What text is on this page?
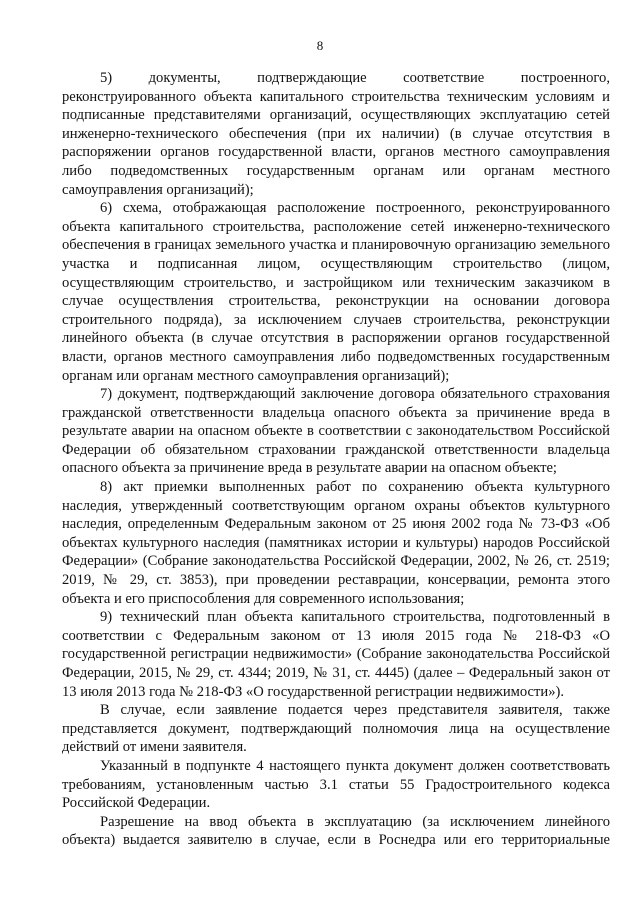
8

5) документы, подтверждающие соответствие построенного, реконструированного объекта капитального строительства техническим условиям и подписанные представителями организаций, осуществляющих эксплуатацию сетей инженерно-технического обеспечения (при их наличии) (в случае отсутствия в распоряжении органов государственной власти, органов местного самоуправления либо подведомственных государственным органам или органам местного самоуправления организаций);

6) схема, отображающая расположение построенного, реконструированного объекта капитального строительства, расположение сетей инженерно-технического обеспечения в границах земельного участка и планировочную организацию земельного участка и подписанная лицом, осуществляющим строительство (лицом, осуществляющим строительство, и застройщиком или техническим заказчиком в случае осуществления строительства, реконструкции на основании договора строительного подряда), за исключением случаев строительства, реконструкции линейного объекта (в случае отсутствия в распоряжении органов государственной власти, органов местного самоуправления либо подведомственных государственным органам или органам местного самоуправления организаций);

7) документ, подтверждающий заключение договора обязательного страхования гражданской ответственности владельца опасного объекта за причинение вреда в результате аварии на опасном объекте в соответствии с законодательством Российской Федерации об обязательном страховании гражданской ответственности владельца опасного объекта за причинение вреда в результате аварии на опасном объекте;

8) акт приемки выполненных работ по сохранению объекта культурного наследия, утвержденный соответствующим органом охраны объектов культурного наследия, определенным Федеральным законом от 25 июня 2002 года № 73-ФЗ «Об объектах культурного наследия (памятниках истории и культуры) народов Российской Федерации» (Собрание законодательства Российской Федерации, 2002, № 26, ст. 2519; 2019, № 29, ст. 3853), при проведении реставрации, консервации, ремонта этого объекта и его приспособления для современного использования;

9) технический план объекта капитального строительства, подготовленный в соответствии с Федеральным законом от 13 июля 2015 года № 218-ФЗ «О государственной регистрации недвижимости» (Собрание законодательства Российской Федерации, 2015, № 29, ст. 4344; 2019, № 31, ст. 4445) (далее – Федеральный закон от 13 июля 2013 года № 218-ФЗ «О государственной регистрации недвижимости»).

В случае, если заявление подается через представителя заявителя, также представляется документ, подтверждающий полномочия лица на осуществление действий от имени заявителя.

Указанный в подпункте 4 настоящего пункта документ должен соответствовать требованиям, установленным частью 3.1 статьи 55 Градостроительного кодекса Российской Федерации.

Разрешение на ввод объекта в эксплуатацию (за исключением линейного объекта) выдается заявителю в случае, если в Роснедра или его территориальные
